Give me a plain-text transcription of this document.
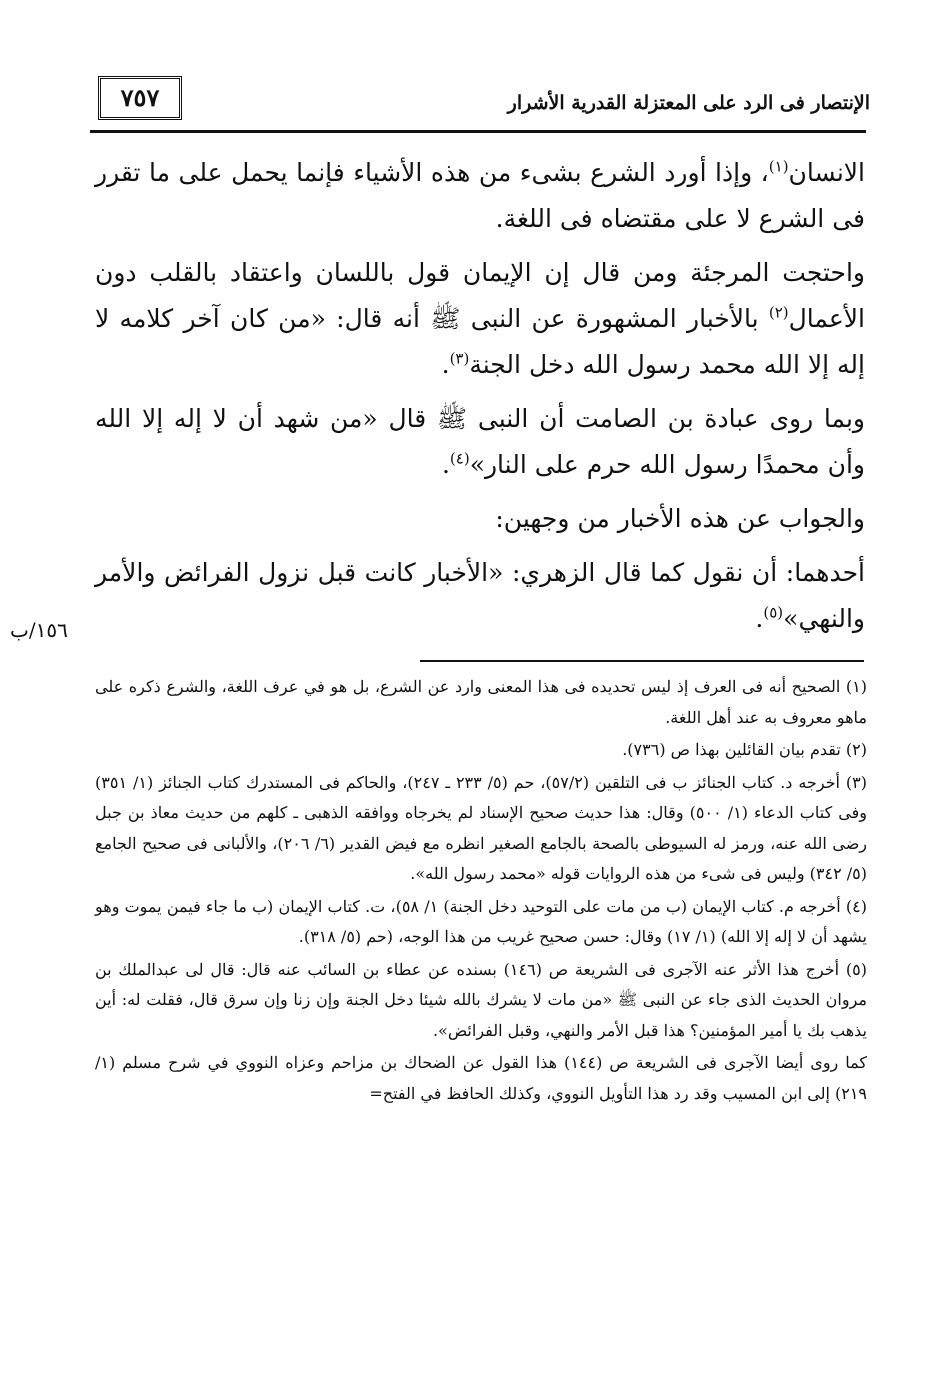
الإنتصار فى الرد على المعتزلة القدرية الأشرار
٧٥٧

الانسان$^{(١)}$، وإذا أورد الشرع بشىء من هذه الأشياء فإنما يحمل على ما تقرر فى الشرع لا على مقتضاه فى اللغة.

واحتجت المرجئة ومن قال إن الإيمان قول باللسان واعتقاد بالقلب دون الأعمال$^{(٢)}$ بالأخبار المشهورة عن النبى ﷺ أنه قال: «من كان آخر كلامه لا إله إلا الله محمد رسول الله دخل الجنة$^{(٣)}$.

وبما روى عبادة بن الصامت أن النبى ﷺ قال «من شهد أن لا إله إلا الله وأن محمدًا رسول الله حرم على النار»$^{(٤)}$.

والجواب عن هذه الأخبار من وجهين:

أحدهما: أن نقول كما قال الزهري: «الأخبار كانت قبل نزول الفرائض والأمر والنهي»$^{(٥)}$.

١٥٦/ب
(١) الصحيح أنه فى العرف إذ ليس تحديده فى هذا المعنى وارد عن الشرع، بل هو في عرف اللغة، والشرع ذكره على ماهو معروف به عند أهل اللغة.
(٢) تقدم بيان القائلين بهذا ص (٧٣٦).
(٣) أخرجه د. كتاب الجنائز ب فى التلقين (٥٧/٢)، حم (٥/ ٢٣٣ ـ ٢٤٧)، والحاكم فى المستدرك كتاب الجنائز (١/ ٣٥١) وفى كتاب الدعاء (١/ ٥٠٠) وقال: هذا حديث صحيح الإسناد لم يخرجاه ووافقه الذهبى ـ كلهم من حديث معاذ بن جبل رضى الله عنه، ورمز له السيوطى بالصحة بالجامع الصغير انظره مع فيض القدير (٦/ ٢٠٦)، والألبانى فى صحيح الجامع (٥/ ٣٤٢) وليس فى شىء من هذه الروايات قوله «محمد رسول الله».
(٤) أخرجه م. كتاب الإيمان (ب من مات على التوحيد دخل الجنة) ١/ ٥٨)، ت. كتاب الإيمان (ب ما جاء فيمن يموت وهو يشهد أن لا إله إلا الله) (١/ ١٧) وقال: حسن صحيح غريب من هذا الوجه، (حم (٥/ ٣١٨).
(٥) أخرج هذا الأثر عنه الآجرى فى الشريعة ص (١٤٦) بسنده عن عطاء بن السائب عنه قال: قال لى عبدالملك بن مروان الحديث الذى جاء عن النبى ﷺ «من مات لا يشرك بالله شيئا دخل الجنة وإن زنا وإن سرق قال، فقلت له: أين يذهب بك يا أمير المؤمنين؟ هذا قبل الأمر والنهي، وقبل الفرائض».
كما روى أيضا الآجرى فى الشريعة ص (١٤٤) هذا القول عن الضحاك بن مزاحم وعزاه النووي في شرح مسلم (١/ ٢١٩) إلى ابن المسيب وقد رد هذا التأويل النووي، وكذلك الحافظ في الفتح=
